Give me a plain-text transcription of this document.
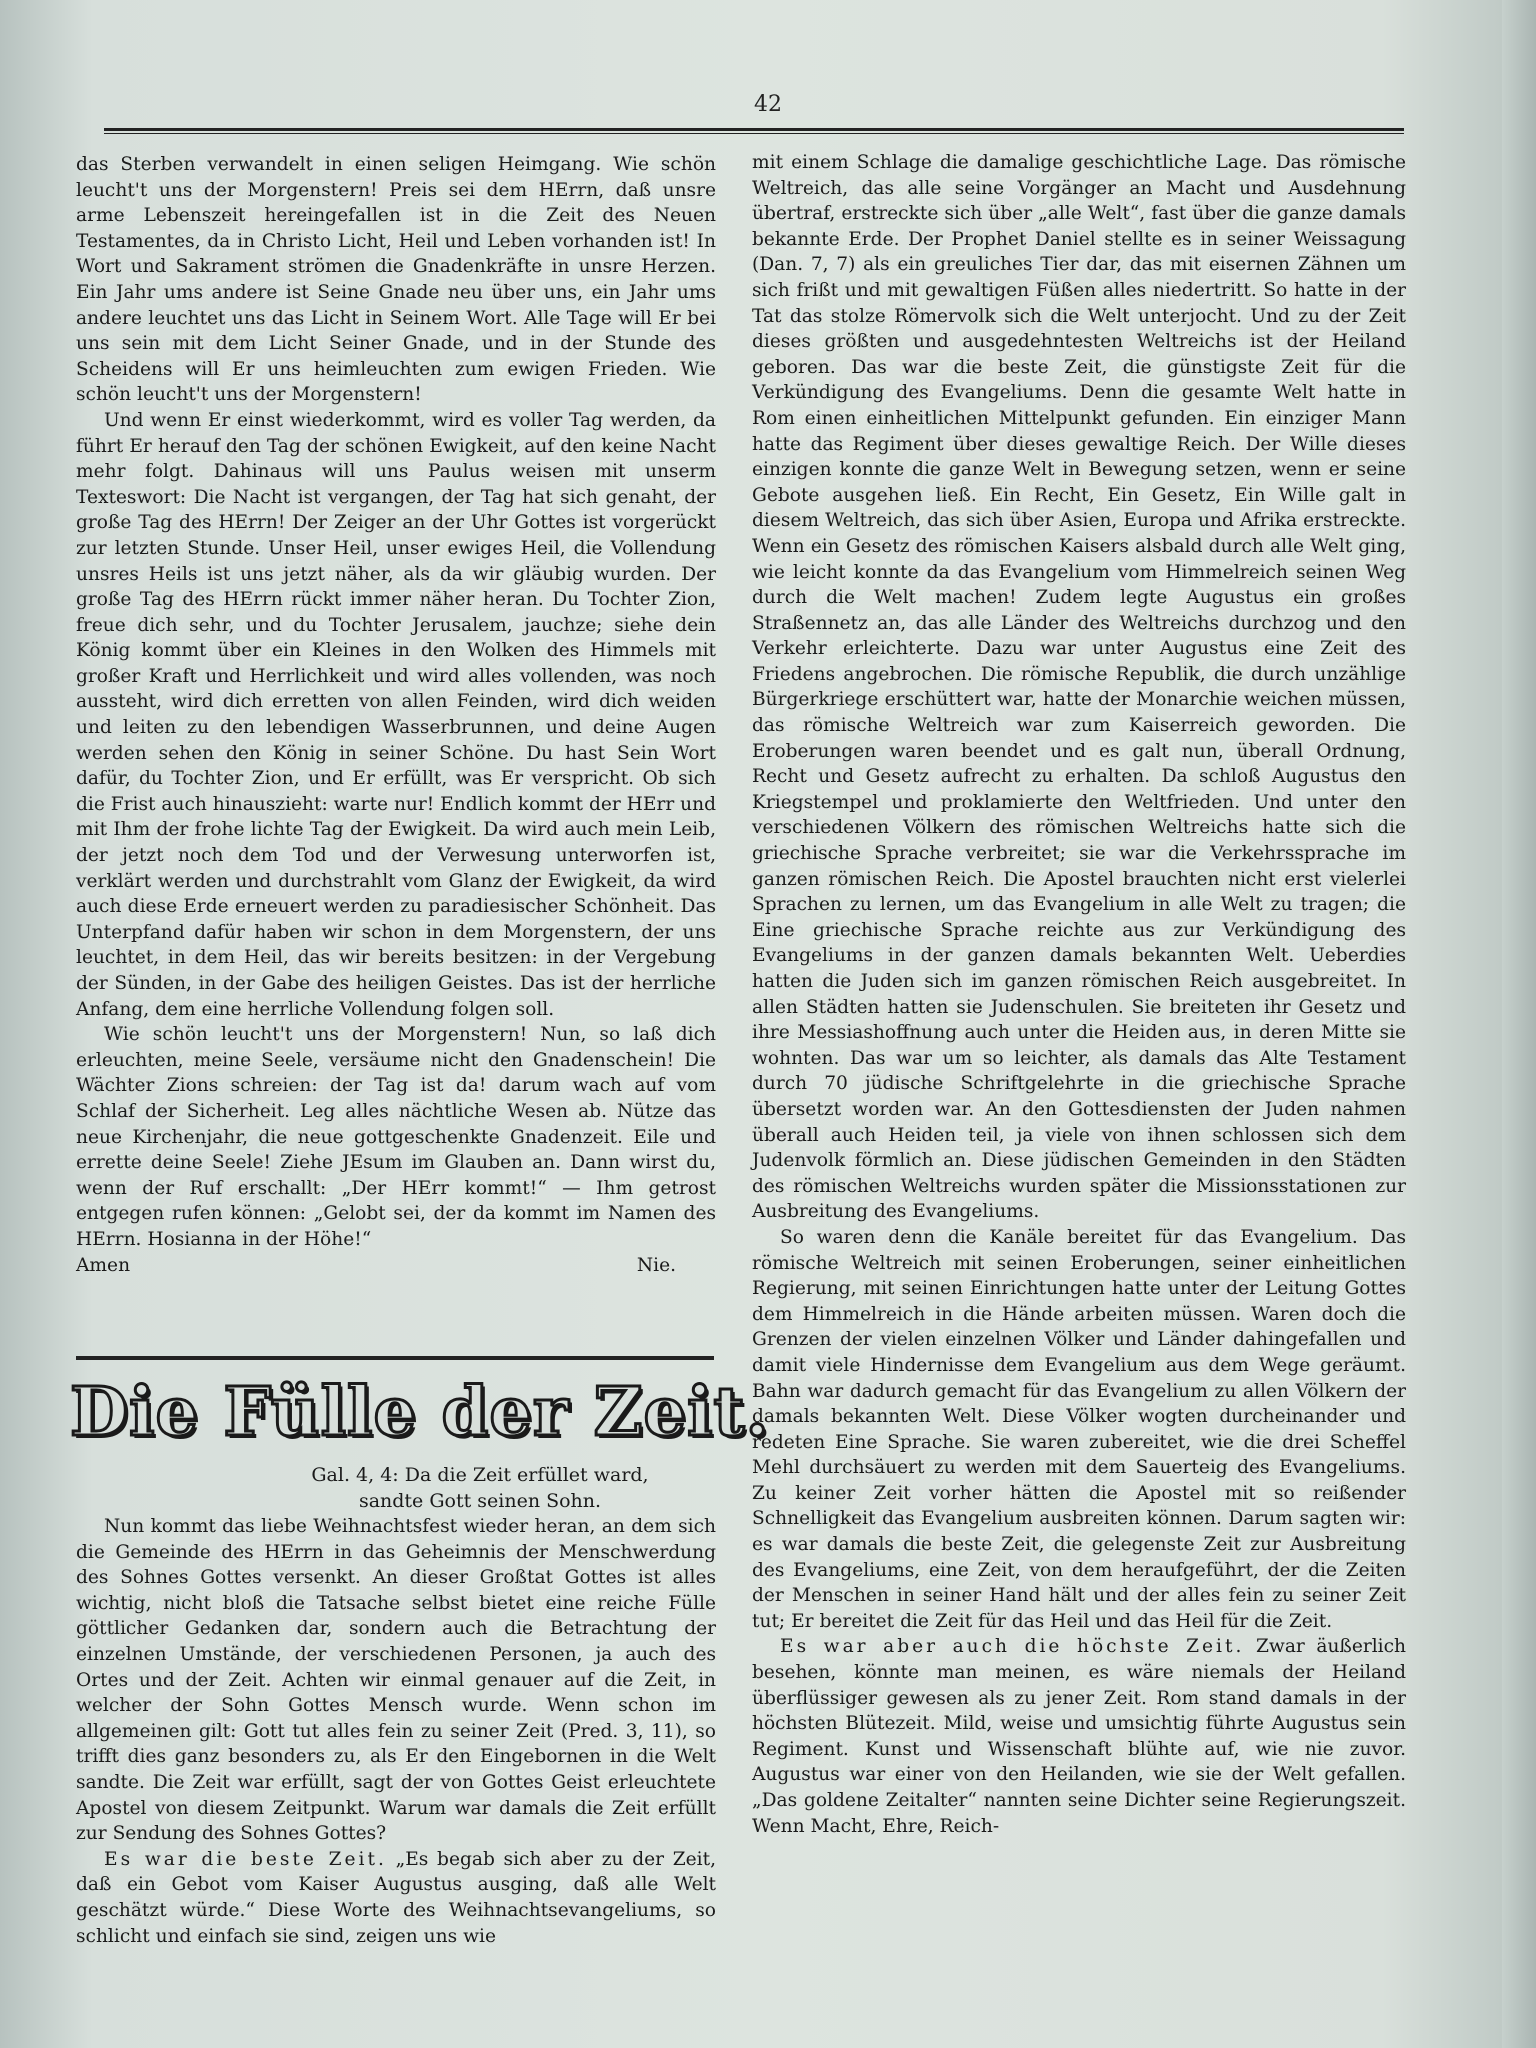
42

das Sterben verwandelt in einen seligen Heimgang. Wie schön leucht't uns der Morgenstern! Preis sei dem HErrn, daß unsre arme Lebenszeit hereingefallen ist in die Zeit des Neuen Testamentes, da in Christo Licht, Heil und Leben vorhanden ist! In Wort und Sakrament strömen die Gnadenkräfte in unsre Herzen. Ein Jahr ums andere ist Seine Gnade neu über uns, ein Jahr ums andere leuchtet uns das Licht in Seinem Wort. Alle Tage will Er bei uns sein mit dem Licht Seiner Gnade, und in der Stunde des Scheidens will Er uns heimleuchten zum ewigen Frieden. Wie schön leucht't uns der Morgenstern!

Und wenn Er einst wiederkommt, wird es voller Tag werden, da führt Er herauf den Tag der schönen Ewigkeit, auf den keine Nacht mehr folgt. Dahinaus will uns Paulus weisen mit unserm Texteswort: Die Nacht ist vergangen, der Tag hat sich genaht, der große Tag des HErrn! Der Zeiger an der Uhr Gottes ist vorgerückt zur letzten Stunde. Unser Heil, unser ewiges Heil, die Vollendung unsres Heils ist uns jetzt näher, als da wir gläubig wurden. Der große Tag des HErrn rückt immer näher heran. Du Tochter Zion, freue dich sehr, und du Tochter Jerusalem, jauchze; siehe dein König kommt über ein Kleines in den Wolken des Himmels mit großer Kraft und Herrlichkeit und wird alles vollenden, was noch aussteht, wird dich erretten von allen Feinden, wird dich weiden und leiten zu den lebendigen Wasserbrunnen, und deine Augen werden sehen den König in seiner Schöne. Du hast Sein Wort dafür, du Tochter Zion, und Er erfüllt, was Er verspricht. Ob sich die Frist auch hinauszieht: warte nur! Endlich kommt der HErr und mit Ihm der frohe lichte Tag der Ewigkeit. Da wird auch mein Leib, der jetzt noch dem Tod und der Verwesung unterworfen ist, verklärt werden und durchstrahlt vom Glanz der Ewigkeit, da wird auch diese Erde erneuert werden zu paradiesischer Schönheit. Das Unterpfand dafür haben wir schon in dem Morgenstern, der uns leuchtet, in dem Heil, das wir bereits besitzen: in der Vergebung der Sünden, in der Gabe des heiligen Geistes. Das ist der herrliche Anfang, dem eine herrliche Vollendung folgen soll.

Wie schön leucht't uns der Morgenstern! Nun, so laß dich erleuchten, meine Seele, versäume nicht den Gnadenschein! Die Wächter Zions schreien: der Tag ist da! darum wach auf vom Schlaf der Sicherheit. Leg alles nächtliche Wesen ab. Nütze das neue Kirchenjahr, die neue gottgeschenkte Gnadenzeit. Eile und errette deine Seele! Ziehe JEsum im Glauben an. Dann wirst du, wenn der Ruf erschallt: „Der HErr kommt!“ — Ihm getrost entgegen rufen können: „Gelobt sei, der da kommt im Namen des HErrn. Hosianna in der Höhe!“

Amen	Nie.
Die Fülle der Zeit.
Gal. 4, 4: Da die Zeit erfüllet ward,
sandte Gott seinen Sohn.

Nun kommt das liebe Weihnachtsfest wieder heran, an dem sich die Gemeinde des HErrn in das Geheimnis der Menschwerdung des Sohnes Gottes versenkt. An dieser Großtat Gottes ist alles wichtig, nicht bloß die Tatsache selbst bietet eine reiche Fülle göttlicher Gedanken dar, sondern auch die Betrachtung der einzelnen Umstände, der verschiedenen Personen, ja auch des Ortes und der Zeit. Achten wir einmal genauer auf die Zeit, in welcher der Sohn Gottes Mensch wurde. Wenn schon im allgemeinen gilt: Gott tut alles fein zu seiner Zeit (Pred. 3, 11), so trifft dies ganz besonders zu, als Er den Eingebornen in die Welt sandte. Die Zeit war erfüllt, sagt der von Gottes Geist erleuchtete Apostel von diesem Zeitpunkt. Warum war damals die Zeit erfüllt zur Sendung des Sohnes Gottes?

Es war die beste Zeit. „Es begab sich aber zu der Zeit, daß ein Gebot vom Kaiser Augustus ausging, daß alle Welt geschätzt würde.“ Diese Worte des Weihnachtsevangeliums, so schlicht und einfach sie sind, zeigen uns wie

mit einem Schlage die damalige geschichtliche Lage. Das römische Weltreich, das alle seine Vorgänger an Macht und Ausdehnung übertraf, erstreckte sich über „alle Welt“, fast über die ganze damals bekannte Erde. Der Prophet Daniel stellte es in seiner Weissagung (Dan. 7, 7) als ein greuliches Tier dar, das mit eisernen Zähnen um sich frißt und mit gewaltigen Füßen alles niedertritt. So hatte in der Tat das stolze Römervolk sich die Welt unterjocht. Und zu der Zeit dieses größten und ausgedehntesten Weltreichs ist der Heiland geboren. Das war die beste Zeit, die günstigste Zeit für die Verkündigung des Evangeliums. Denn die gesamte Welt hatte in Rom einen einheitlichen Mittelpunkt gefunden. Ein einziger Mann hatte das Regiment über dieses gewaltige Reich. Der Wille dieses einzigen konnte die ganze Welt in Bewegung setzen, wenn er seine Gebote ausgehen ließ. Ein Recht, Ein Gesetz, Ein Wille galt in diesem Weltreich, das sich über Asien, Europa und Afrika erstreckte. Wenn ein Gesetz des römischen Kaisers alsbald durch alle Welt ging, wie leicht konnte da das Evangelium vom Himmelreich seinen Weg durch die Welt machen! Zudem legte Augustus ein großes Straßennetz an, das alle Länder des Weltreichs durchzog und den Verkehr erleichterte. Dazu war unter Augustus eine Zeit des Friedens angebrochen. Die römische Republik, die durch unzählige Bürgerkriege erschüttert war, hatte der Monarchie weichen müssen, das römische Weltreich war zum Kaiserreich geworden. Die Eroberungen waren beendet und es galt nun, überall Ordnung, Recht und Gesetz aufrecht zu erhalten. Da schloß Augustus den Kriegstempel und proklamierte den Weltfrieden. Und unter den verschiedenen Völkern des römischen Weltreichs hatte sich die griechische Sprache verbreitet; sie war die Verkehrssprache im ganzen römischen Reich. Die Apostel brauchten nicht erst vielerlei Sprachen zu lernen, um das Evangelium in alle Welt zu tragen; die Eine griechische Sprache reichte aus zur Verkündigung des Evangeliums in der ganzen damals bekannten Welt. Ueberdies hatten die Juden sich im ganzen römischen Reich ausgebreitet. In allen Städten hatten sie Judenschulen. Sie breiteten ihr Gesetz und ihre Messiashoffnung auch unter die Heiden aus, in deren Mitte sie wohnten. Das war um so leichter, als damals das Alte Testament durch 70 jüdische Schriftgelehrte in die griechische Sprache übersetzt worden war. An den Gottesdiensten der Juden nahmen überall auch Heiden teil, ja viele von ihnen schlossen sich dem Judenvolk förmlich an. Diese jüdischen Gemeinden in den Städten des römischen Weltreichs wurden später die Missionsstationen zur Ausbreitung des Evangeliums.

So waren denn die Kanäle bereitet für das Evangelium. Das römische Weltreich mit seinen Eroberungen, seiner einheitlichen Regierung, mit seinen Einrichtungen hatte unter der Leitung Gottes dem Himmelreich in die Hände arbeiten müssen. Waren doch die Grenzen der vielen einzelnen Völker und Länder dahingefallen und damit viele Hindernisse dem Evangelium aus dem Wege geräumt. Bahn war dadurch gemacht für das Evangelium zu allen Völkern der damals bekannten Welt. Diese Völker wogten durcheinander und redeten Eine Sprache. Sie waren zubereitet, wie die drei Scheffel Mehl durchsäuert zu werden mit dem Sauerteig des Evangeliums. Zu keiner Zeit vorher hätten die Apostel mit so reißender Schnelligkeit das Evangelium ausbreiten können. Darum sagten wir: es war damals die beste Zeit, die gelegenste Zeit zur Ausbreitung des Evangeliums, eine Zeit, von dem heraufgeführt, der die Zeiten der Menschen in seiner Hand hält und der alles fein zu seiner Zeit tut; Er bereitet die Zeit für das Heil und das Heil für die Zeit.

Es war aber auch die höchste Zeit. Zwar äußerlich besehen, könnte man meinen, es wäre niemals der Heiland überflüssiger gewesen als zu jener Zeit. Rom stand damals in der höchsten Blütezeit. Mild, weise und umsichtig führte Augustus sein Regiment. Kunst und Wissenschaft blühte auf, wie nie zuvor. Augustus war einer von den Heilanden, wie sie der Welt gefallen. „Das goldene Zeitalter“ nannten seine Dichter seine Regierungszeit. Wenn Macht, Ehre, Reich-
